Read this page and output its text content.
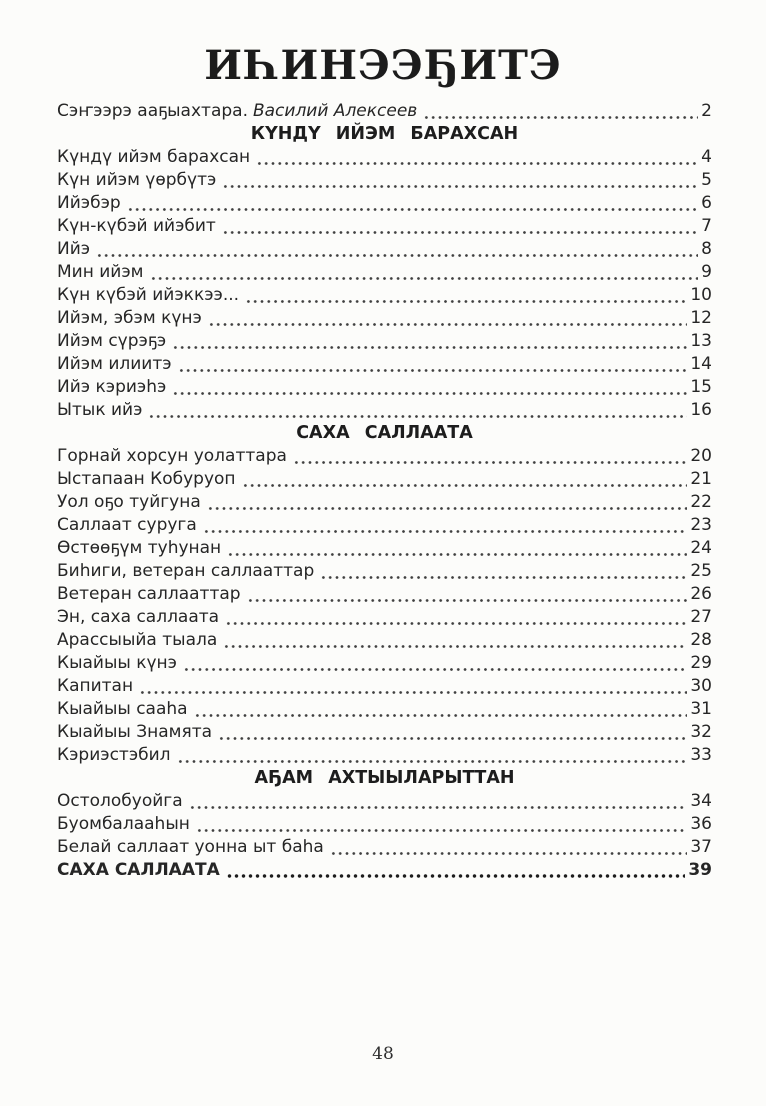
ИҺИНЭЭҔИТЭ
Сэҥээрэ ааҕыахтара. Василий Алексеев	2
КҮНДҮ ИЙЭМ БАРАХСАН
Күндү ийэм барахсан	4
Күн ийэм үөрбүтэ	5
Ийэбэр	6
Күн-күбэй ийэбит	7
Ийэ	8
Мин ийэм	9
Күн күбэй ийэккээ...	10
Ийэм, эбэм күнэ	12
Ийэм сүрэҕэ	13
Ийэм илиитэ	14
Ийэ кэриэһэ	15
Ытык ийэ	16
САХА САЛЛААТА
Горнай хорсун уолаттара	20
Ыстапаан Кобуруоп	21
Уол оҕо туйгуна	22
Саллаат суруга	23
Өстөөҕүм туһунан	24
Биһиги, ветеран саллааттар	25
Ветеран саллааттар	26
Эн, саха саллаата	27
Арассыыйа тыала	28
Кыайыы күнэ	29
Капитан	30
Кыайыы сааһа	31
Кыайыы Знамята	32
Кэриэстэбил	33
АҔАМ АХТЫЫЛАРЫТТАН
Остолобуойга	34
Буомбалааһын	36
Белай саллаат уонна ыт баһа	37
САХА САЛЛААТА	39
48
